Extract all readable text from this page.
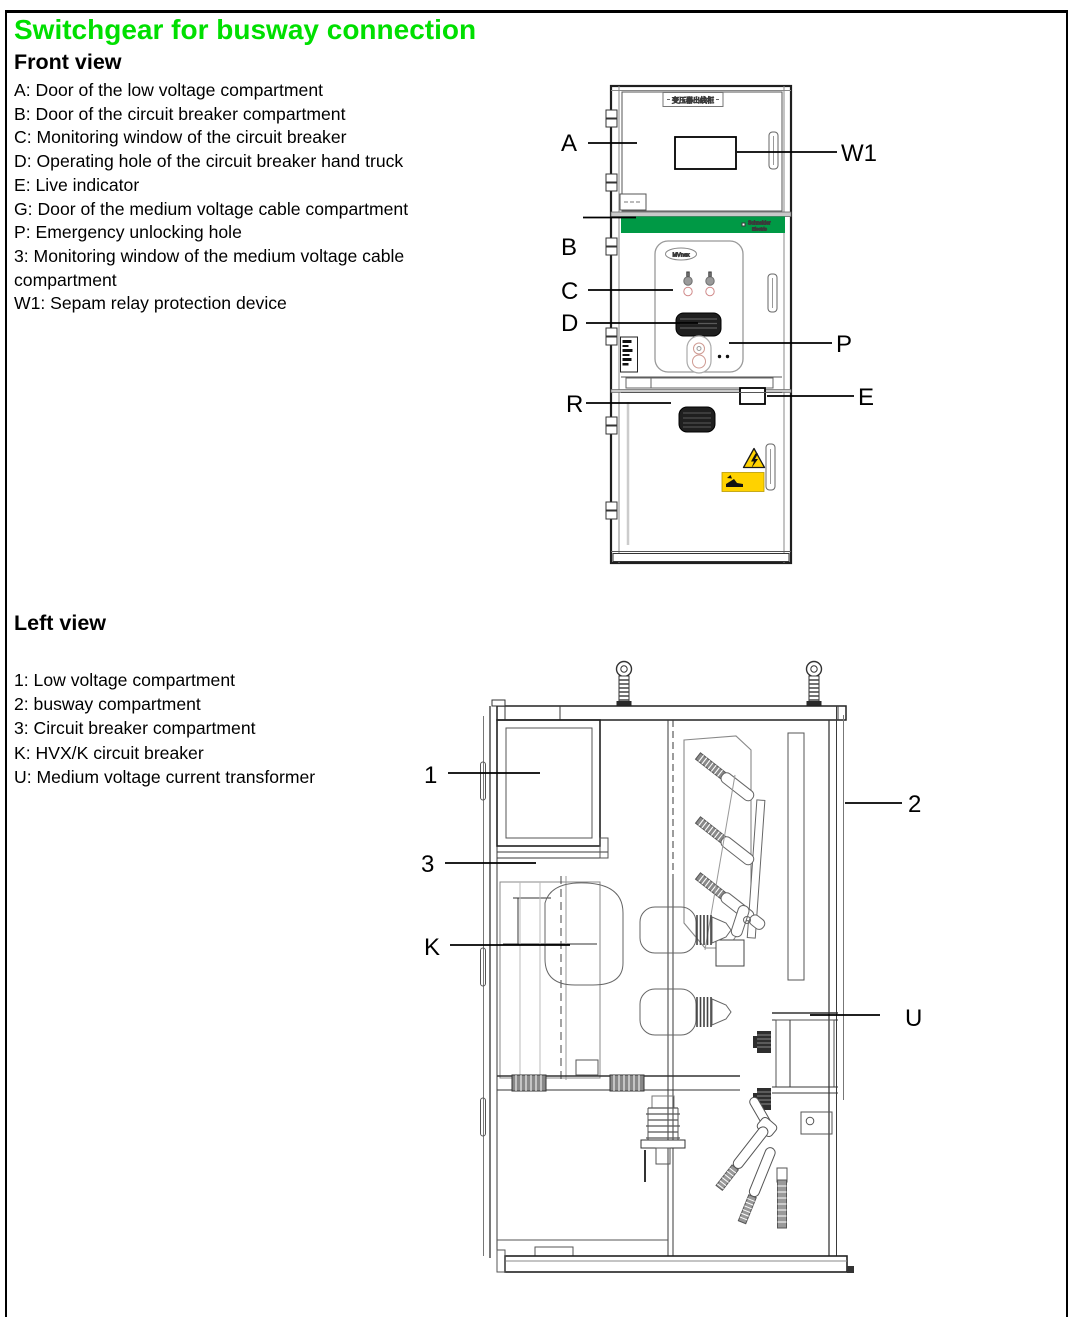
Switchgear for busway connection
Front view
A: Door of the low voltage compartment
B: Door of the circuit breaker compartment
C: Monitoring window of the circuit breaker
D: Operating hole of the circuit breaker hand truck
E: Live indicator
G: Door of the medium voltage cable compartment
P: Emergency unlocking hole
3: Monitoring window of the medium voltage cable compartment
W1: Sepam relay protection device
Left view
1: Low voltage compartment
2: busway compartment
3: Circuit breaker compartment
K: HVX/K circuit breaker
U: Medium voltage current transformer
变压器出线柜
Schneider
Electric
MVnex
A	W1
B
C
D
P
R	E
1
3
K
2
U
